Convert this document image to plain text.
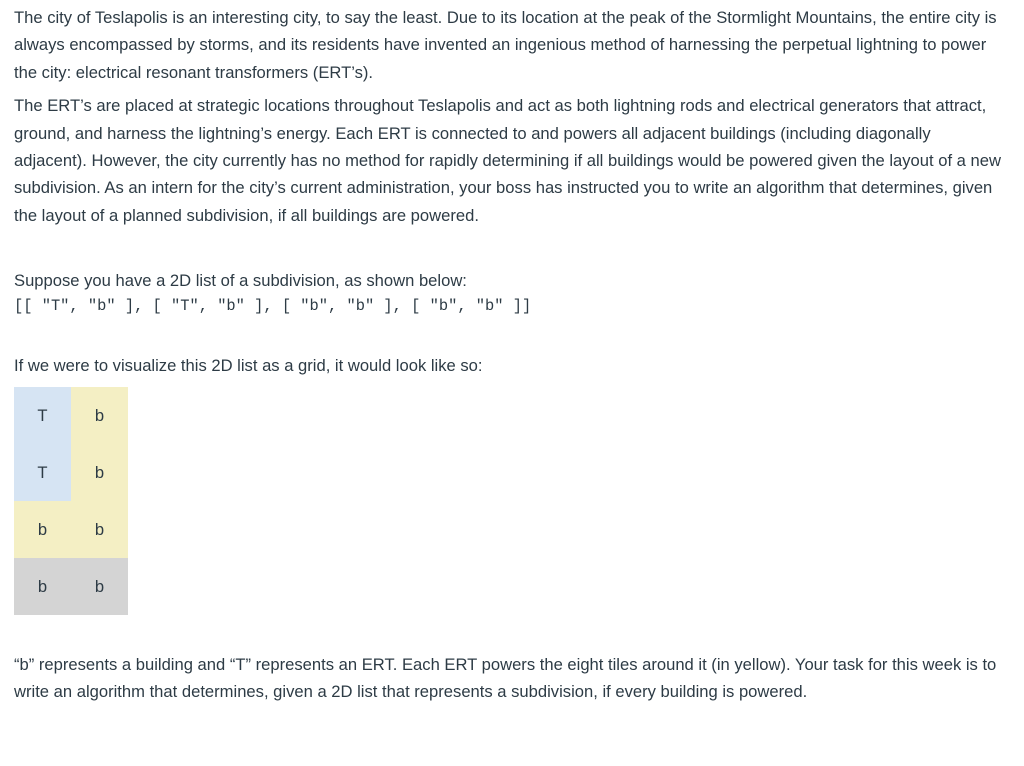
The city of Teslapolis is an interesting city, to say the least. Due to its location at the peak of the Stormlight Mountains, the entire city is always encompassed by storms, and its residents have invented an ingenious method of harnessing the perpetual lightning to power the city: electrical resonant transformers (ERT’s).

The ERT’s are placed at strategic locations throughout Teslapolis and act as both lightning rods and electrical generators that attract, ground, and harness the lightning’s energy. Each ERT is connected to and powers all adjacent buildings (including diagonally adjacent). However, the city currently has no method for rapidly determining if all buildings would be powered given the layout of a new subdivision. As an intern for the city’s current administration, your boss has instructed you to write an algorithm that determines, given the layout of a planned subdivision, if all buildings are powered.

Suppose you have a 2D list of a subdivision, as shown below:

[[ "T", "b" ], [ "T", "b" ], [ "b", "b" ], [ "b", "b" ]]

If we were to visualize this 2D list as a grid, it would look like so:

T	b
T	b
b	b
b	b

“b” represents a building and “T” represents an ERT. Each ERT powers the eight tiles around it (in yellow). Your task for this week is to write an algorithm that determines, given a 2D list that represents a subdivision, if every building is powered.
